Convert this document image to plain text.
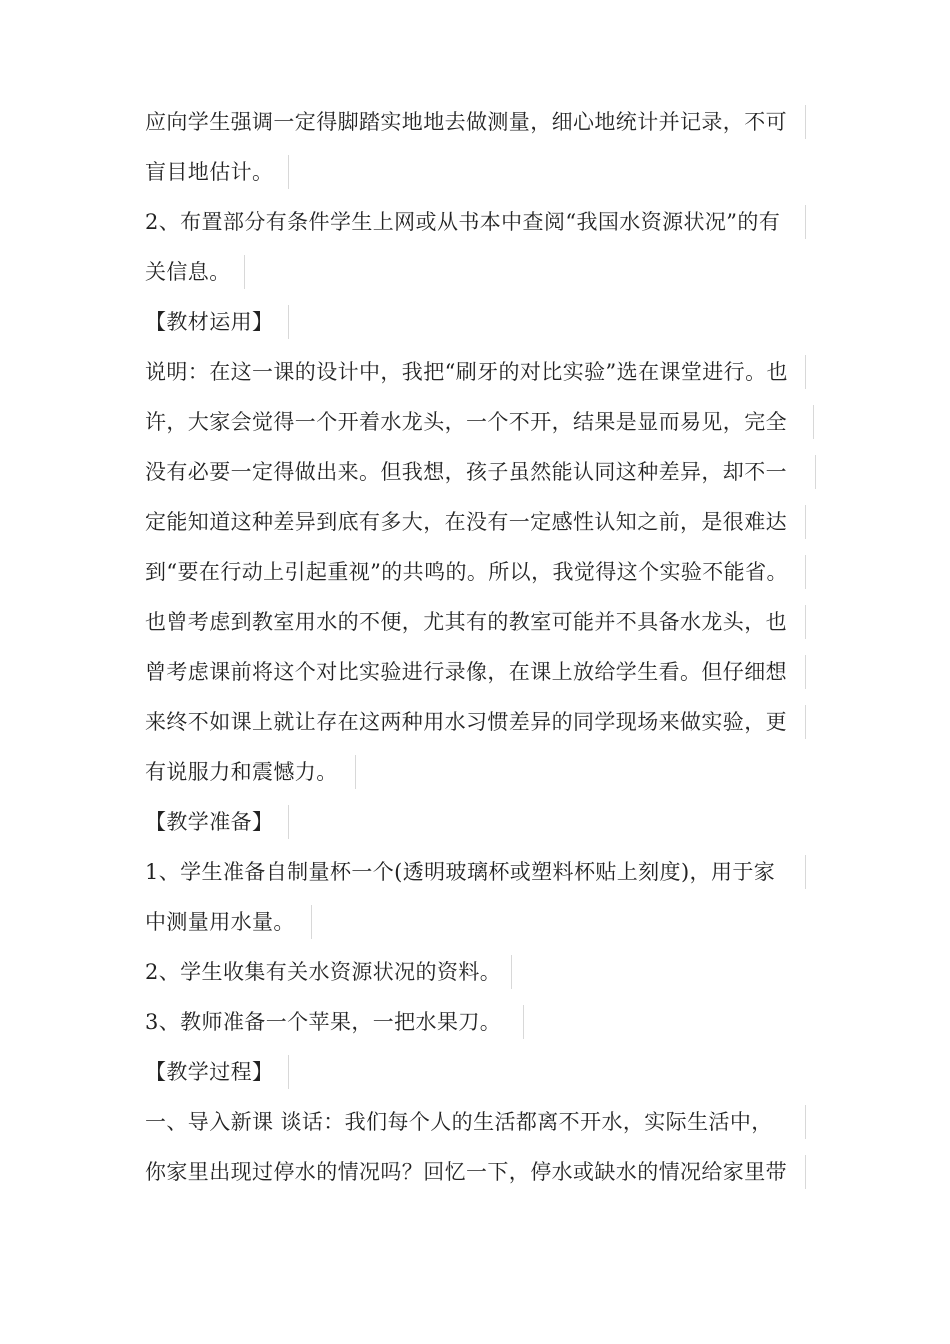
应向学生强调一定得脚踏实地地去做测量，细心地统计并记录，不可
盲目地估计。
2、布置部分有条件学生上网或从书本中查阅“我国水资源状况”的有
关信息。
【教材运用】
说明：在这一课的设计中，我把“刷牙的对比实验”选在课堂进行。也
许，大家会觉得一个开着水龙头，一个不开，结果是显而易见，完全
没有必要一定得做出来。但我想，孩子虽然能认同这种差异，却不一
定能知道这种差异到底有多大，在没有一定感性认知之前，是很难达
到“要在行动上引起重视”的共鸣的。所以，我觉得这个实验不能省。
也曾考虑到教室用水的不便，尤其有的教室可能并不具备水龙头，也
曾考虑课前将这个对比实验进行录像，在课上放给学生看。但仔细想
来终不如课上就让存在这两种用水习惯差异的同学现场来做实验，更
有说服力和震憾力。
【教学准备】
1、学生准备自制量杯一个(透明玻璃杯或塑料杯贴上刻度)，用于家
中测量用水量。
2、学生收集有关水资源状况的资料。
3、教师准备一个苹果，一把水果刀。
【教学过程】
一、导入新课 谈话：我们每个人的生活都离不开水，实际生活中，
你家里出现过停水的情况吗？回忆一下，停水或缺水的情况给家里带
